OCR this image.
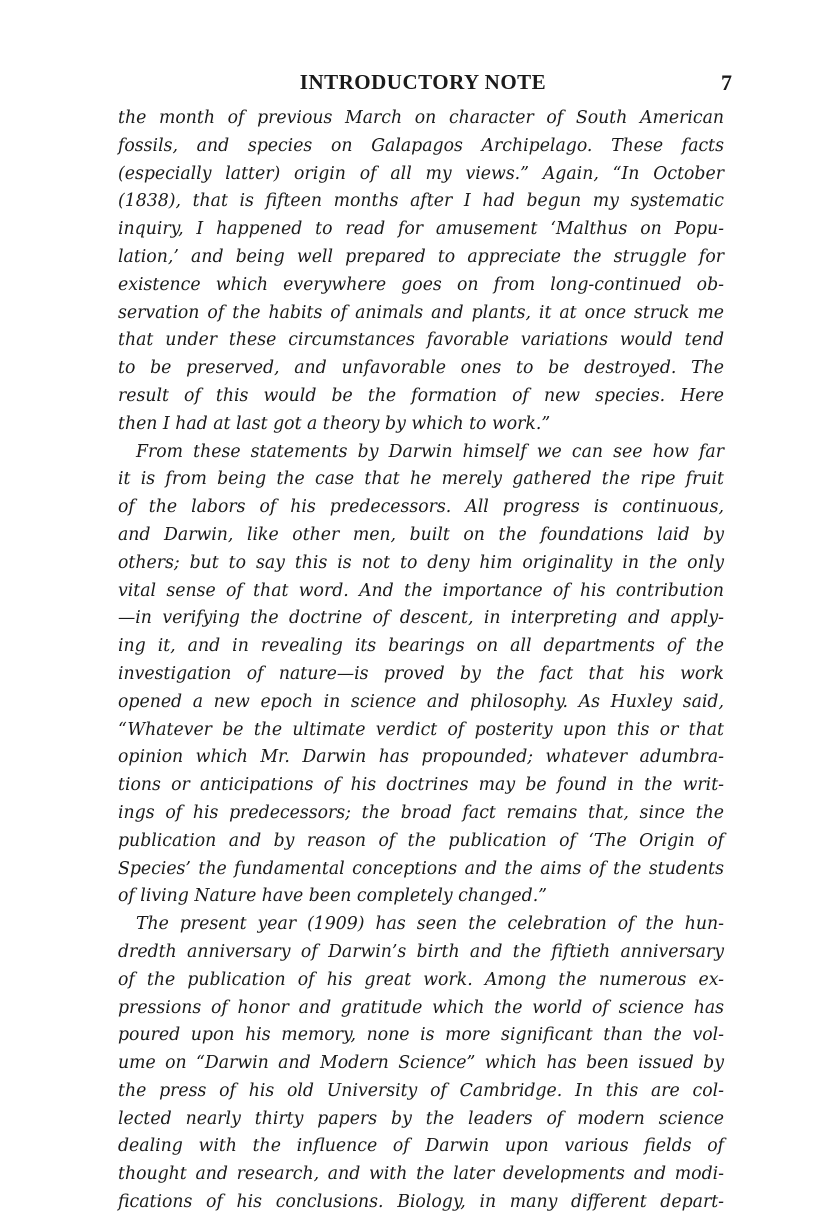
INTRODUCTORY NOTE	7
the month of previous March on character of South American
fossils, and species on Galapagos Archipelago. These facts
(especially latter) origin of all my views.” Again, “In October
(1838), that is fifteen months after I had begun my systematic
inquiry, I happened to read for amusement ‘Malthus on Popu-
lation,’ and being well prepared to appreciate the struggle for
existence which everywhere goes on from long-continued ob-
servation of the habits of animals and plants, it at once struck me
that under these circumstances favorable variations would tend
to be preserved, and unfavorable ones to be destroyed. The
result of this would be the formation of new species. Here
then I had at last got a theory by which to work.”
From these statements by Darwin himself we can see how far
it is from being the case that he merely gathered the ripe fruit
of the labors of his predecessors. All progress is continuous,
and Darwin, like other men, built on the foundations laid by
others; but to say this is not to deny him originality in the only
vital sense of that word. And the importance of his contribution
—in verifying the doctrine of descent, in interpreting and apply-
ing it, and in revealing its bearings on all departments of the
investigation of nature—is proved by the fact that his work
opened a new epoch in science and philosophy. As Huxley said,
“Whatever be the ultimate verdict of posterity upon this or that
opinion which Mr. Darwin has propounded; whatever adumbra-
tions or anticipations of his doctrines may be found in the writ-
ings of his predecessors; the broad fact remains that, since the
publication and by reason of the publication of ‘The Origin of
Species’ the fundamental conceptions and the aims of the students
of living Nature have been completely changed.”
The present year (1909) has seen the celebration of the hun-
dredth anniversary of Darwin’s birth and the fiftieth anniversary
of the publication of his great work. Among the numerous ex-
pressions of honor and gratitude which the world of science has
poured upon his memory, none is more significant than the vol-
ume on “Darwin and Modern Science” which has been issued by
the press of his old University of Cambridge. In this are col-
lected nearly thirty papers by the leaders of modern science
dealing with the influence of Darwin upon various fields of
thought and research, and with the later developments and modi-
fications of his conclusions. Biology, in many different depart-
